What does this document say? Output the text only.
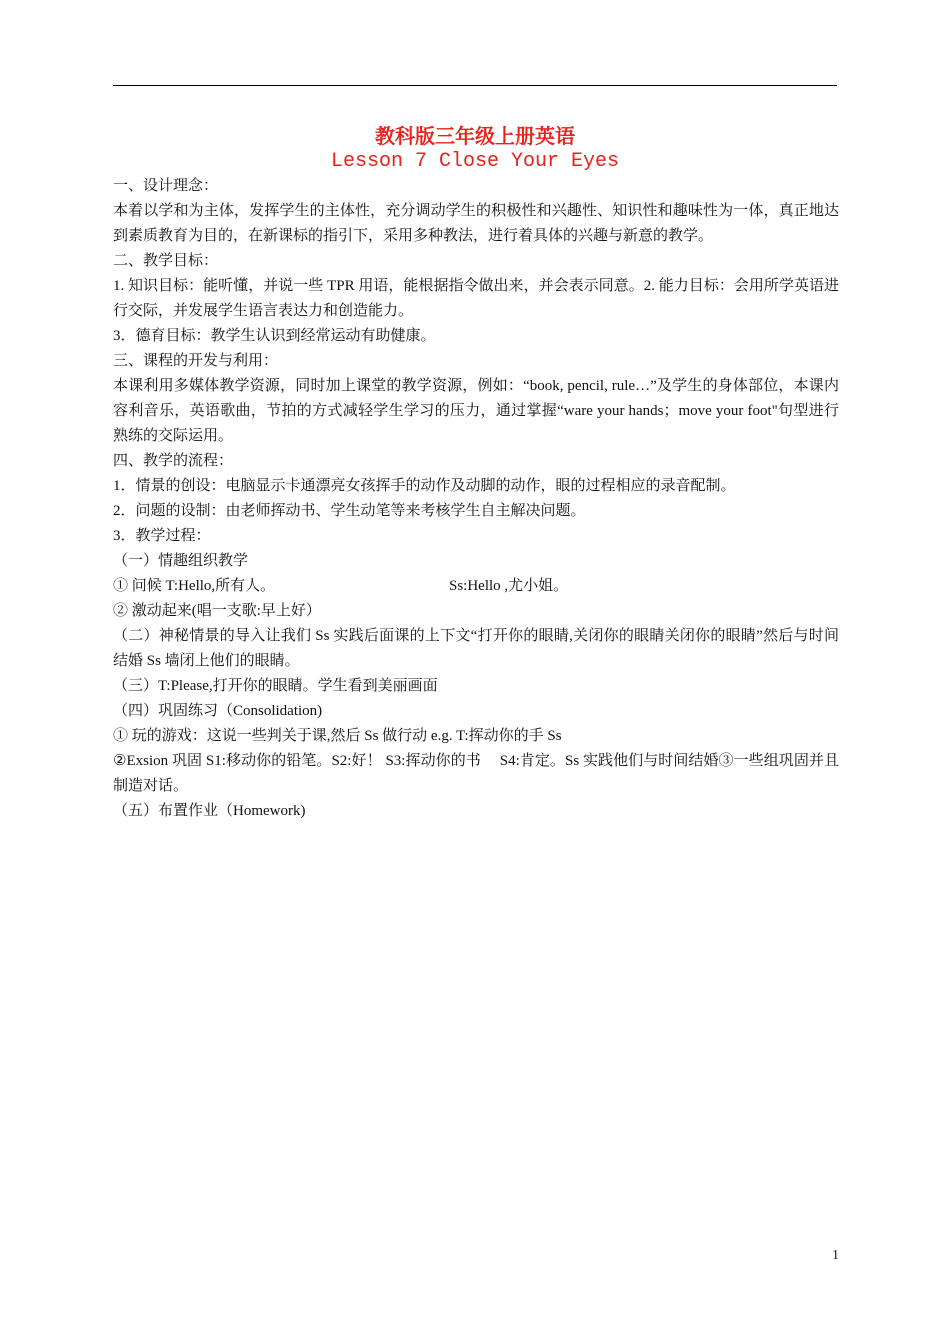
教科版三年级上册英语
Lesson 7 Close Your Eyes

一、设计理念：

本着以学和为主体，发挥学生的主体性，充分调动学生的积极性和兴趣性、知识性和趣味性为一体，真正地达到素质教育为目的，在新课标的指引下，采用多种教法，进行着具体的兴趣与新意的教学。

二、教学目标：

1. 知识目标：能听懂，并说一些 TPR 用语，能根据指令做出来，并会表示同意。2. 能力目标：会用所学英语进行交际，并发展学生语言表达力和创造能力。

3．德育目标：教学生认识到经常运动有助健康。

三、课程的开发与利用：

本课利用多媒体教学资源，同时加上课堂的教学资源，例如：“book, pencil, rule…”及学生的身体部位，本课内容利音乐，英语歌曲，节拍的方式减轻学生学习的压力，通过掌握“ware your hands；move your foot"句型进行熟练的交际运用。

四、教学的流程：

1．情景的创设：电脑显示卡通漂亮女孩挥手的动作及动脚的动作，眼的过程相应的录音配制。

2．问题的设制：由老师挥动书、学生动笔等来考核学生自主解决问题。

3．教学过程：

（一）情趣组织教学

① 问候 T:Hello,所有人。	Ss:Hello ,尤小姐。

② 激动起来(唱一支歌:早上好）

（二）神秘情景的导入让我们 Ss 实践后面课的上下文“打开你的眼睛,关闭你的眼睛关闭你的眼睛”然后与时间结婚 Ss 墙闭上他们的眼睛。

（三）T:Please,打开你的眼睛。学生看到美丽画面

（四）巩固练习（Consolidation)

① 玩的游戏：这说一些判关于课,然后 Ss 做行动 e.g. T:挥动你的手 Ss

②Exsion 巩固 S1:移动你的铅笔。S2:好！ S3:挥动你的书　 S4:肯定。Ss 实践他们与时间结婚③一些组巩固并且制造对话。

（五）布置作业（Homework)

1
